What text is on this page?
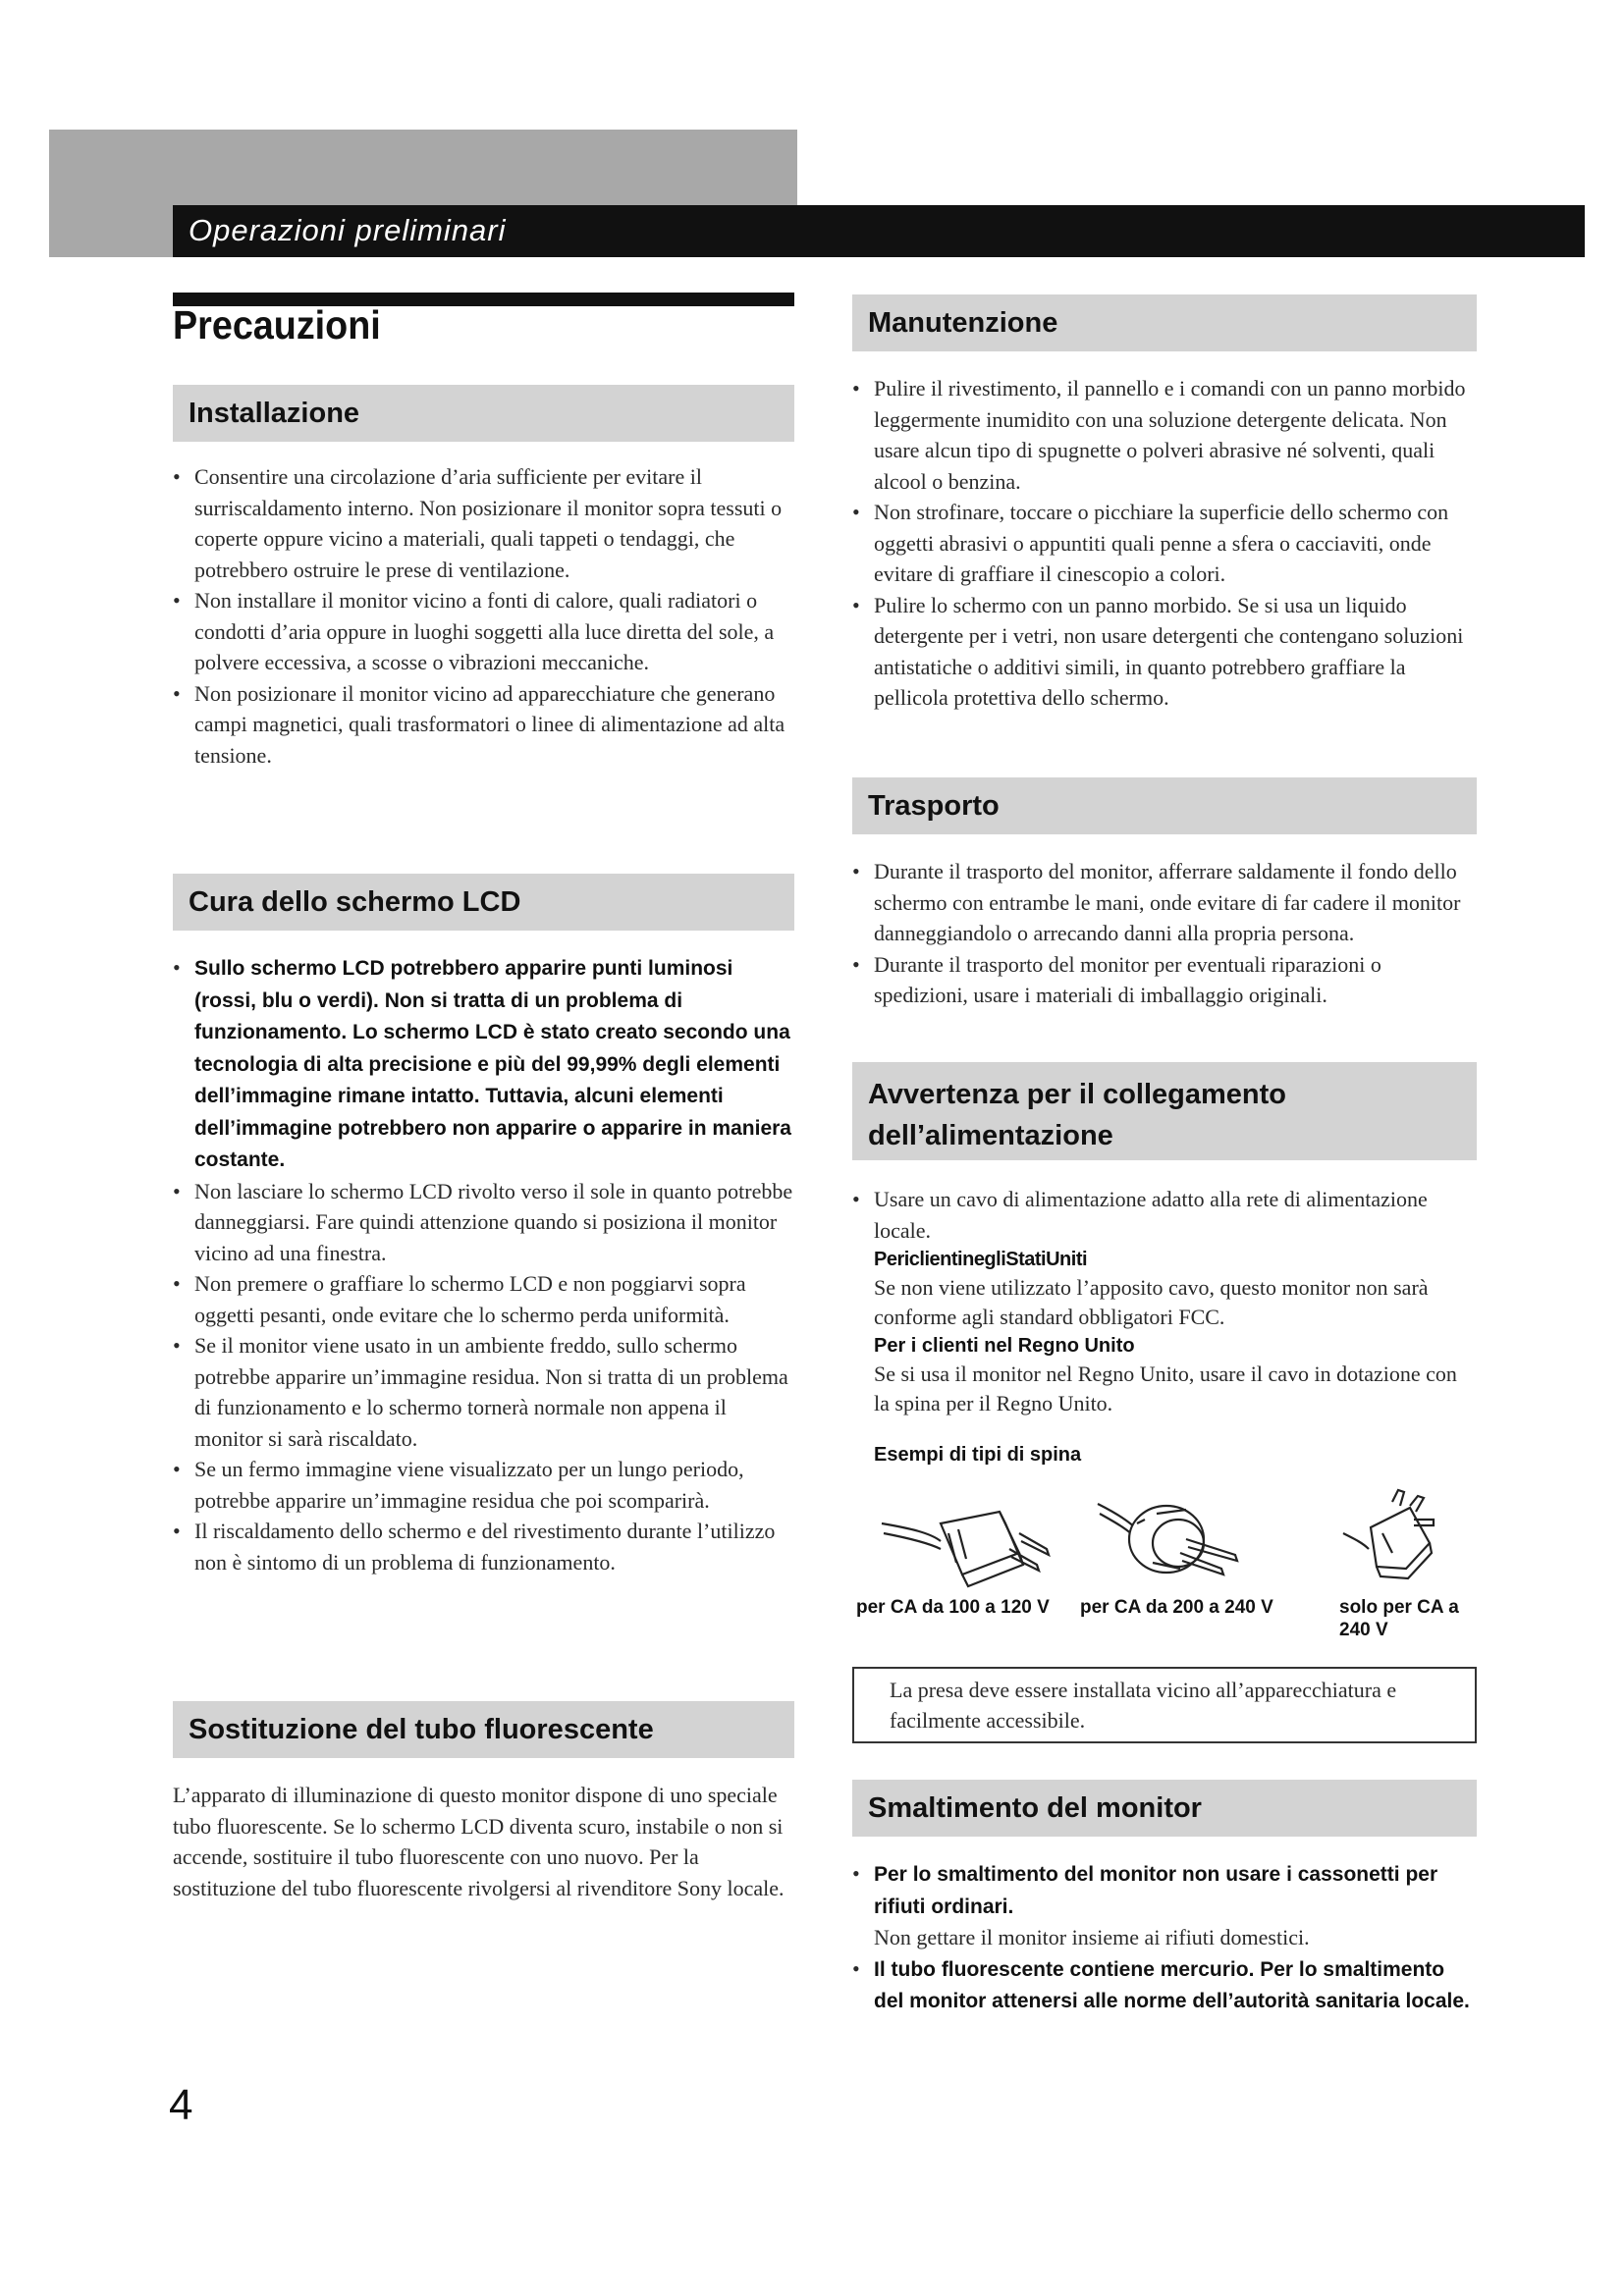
Operazioni preliminari
Precauzioni
Installazione
• Consentire una circolazione d’aria sufficiente per evitare il surriscaldamento interno. Non posizionare il monitor sopra tessuti o coperte oppure vicino a materiali, quali tappeti o tendaggi, che potrebbero ostruire le prese di ventilazione.
• Non installare il monitor vicino a fonti di calore, quali radiatori o condotti d’aria oppure in luoghi soggetti alla luce diretta del sole, a polvere eccessiva, a scosse o vibrazioni meccaniche.
• Non posizionare il monitor vicino ad apparecchiature che generano campi magnetici, quali trasformatori o linee di alimentazione ad alta tensione.
Cura dello schermo LCD
• Sullo schermo LCD potrebbero apparire punti luminosi (rossi, blu o verdi). Non si tratta di un problema di funzionamento. Lo schermo LCD è stato creato secondo una tecnologia di alta precisione e più del 99,99% degli elementi dell’immagine rimane intatto. Tuttavia, alcuni elementi dell’immagine potrebbero non apparire o apparire in maniera costante.
• Non lasciare lo schermo LCD rivolto verso il sole in quanto potrebbe danneggiarsi. Fare quindi attenzione quando si posiziona il monitor vicino ad una finestra.
• Non premere o graffiare lo schermo LCD e non poggiarvi sopra oggetti pesanti, onde evitare che lo schermo perda uniformità.
• Se il monitor viene usato in un ambiente freddo, sullo schermo potrebbe apparire un’immagine residua. Non si tratta di un problema di funzionamento e lo schermo tornerà normale non appena il monitor si sarà riscaldato.
• Se un fermo immagine viene visualizzato per un lungo periodo, potrebbe apparire un’immagine residua che poi scomparirà.
• Il riscaldamento dello schermo e del rivestimento durante l’utilizzo non è sintomo di un problema di funzionamento.
Sostituzione del tubo fluorescente

L’apparato di illuminazione di questo monitor dispone di uno speciale tubo fluorescente. Se lo schermo LCD diventa scuro, instabile o non si accende, sostituire il tubo fluorescente con uno nuovo. Per la sostituzione del tubo fluorescente rivolgersi al rivenditore Sony locale.

Manutenzione
• Pulire il rivestimento, il pannello e i comandi con un panno morbido leggermente inumidito con una soluzione detergente delicata. Non usare alcun tipo di spugnette o polveri abrasive né solventi, quali alcool o benzina.
• Non strofinare, toccare o picchiare la superficie dello schermo con oggetti abrasivi o appuntiti quali penne a sfera o cacciaviti, onde evitare di graffiare il cinescopio a colori.
• Pulire lo schermo con un panno morbido. Se si usa un liquido detergente per i vetri, non usare detergenti che contengano soluzioni antistatiche o additivi simili, in quanto potrebbero graffiare la pellicola protettiva dello schermo.
Trasporto
• Durante il trasporto del monitor, afferrare saldamente il fondo dello schermo con entrambe le mani, onde evitare di far cadere il monitor danneggiandolo o arrecando danni alla propria persona.
• Durante il trasporto del monitor per eventuali riparazioni o spedizioni, usare i materiali di imballaggio originali.
Avvertenza per il collegamento
dell’alimentazione
• Usare un cavo di alimentazione adatto alla rete di alimentazione locale.

PericlientinegliStatiUniti

Se non viene utilizzato l’apposito cavo, questo monitor non sarà conforme agli standard obbligatori FCC.

Per i clienti nel Regno Unito

Se si usa il monitor nel Regno Unito, usare il cavo in dotazione con la spina per il Regno Unito.

Esempi di tipi di spina

per CA da 100 a 120 V per CA da 200 a 240 V	solo per CA a 240 V
La presa deve essere installata vicino all’apparecchiatura e facilmente accessibile.
Smaltimento del monitor
• Per lo smaltimento del monitor non usare i cassonetti per rifiuti ordinari.
Non gettare il monitor insieme ai rifiuti domestici.
• Il tubo fluorescente contiene mercurio. Per lo smaltimento del monitor attenersi alle norme dell’autorità sanitaria locale.
4
